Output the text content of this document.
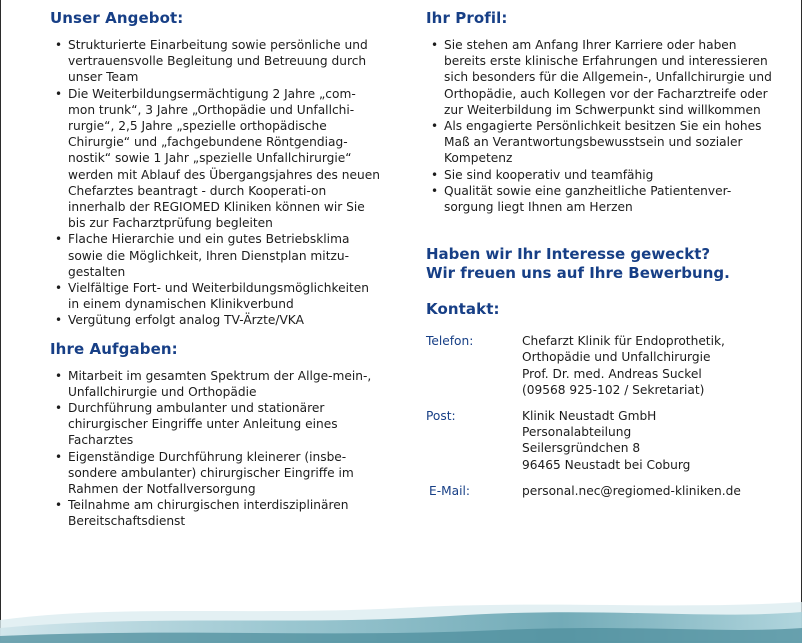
Unser Angebot:
• Strukturierte Einarbeitung sowie persönliche und vertrauensvolle Begleitung und Betreuung durch unser Team
• Die Weiterbildungsermächtigung 2 Jahre „com-mon trunk“, 3 Jahre „Orthopädie und Unfallchi-rurgie“, 2,5 Jahre „spezielle orthopädische Chirurgie“ und „fachgebundene Röntgendiag-nostik“ sowie 1 Jahr „spezielle Unfallchirurgie“ werden mit Ablauf des Übergangsjahres des neuen Chefarztes beantragt - durch Kooperati-on innerhalb der REGIOMED Kliniken können wir Sie bis zur Facharztprüfung begleiten
• Flache Hierarchie und ein gutes Betriebsklima sowie die Möglichkeit, Ihren Dienstplan mitzu-gestalten
• Vielfältige Fort- und Weiterbildungsmöglichkeiten in einem dynamischen Klinikverbund
• Vergütung erfolgt analog TV-Ärzte/VKA
Ihre Aufgaben:
• Mitarbeit im gesamten Spektrum der Allge-mein-, Unfallchirurgie und Orthopädie
• Durchführung ambulanter und stationärer chirurgischer Eingriffe unter Anleitung eines Facharztes
• Eigenständige Durchführung kleinerer (insbe-sondere ambulanter) chirurgischer Eingriffe im Rahmen der Notfallversorgung
• Teilnahme am chirurgischen interdisziplinären Bereitschaftsdienst
Ihr Profil:
• Sie stehen am Anfang Ihrer Karriere oder haben bereits erste klinische Erfahrungen und interessieren sich besonders für die Allgemein-, Unfallchirurgie und Orthopädie, auch Kollegen vor der Facharztreife oder zur Weiterbildung im Schwerpunkt sind willkommen
• Als engagierte Persönlichkeit besitzen Sie ein hohes Maß an Verantwortungsbewusstsein und sozialer Kompetenz
• Sie sind kooperativ und teamfähig
• Qualität sowie eine ganzheitliche Patientenver-sorgung liegt Ihnen am Herzen
Haben wir Ihr Interesse geweckt?
Wir freuen uns auf Ihre Bewerbung.
Kontakt:
Telefon:	Chefarzt Klinik für Endoprothetik,
Orthopädie und Unfallchirurgie
Prof. Dr. med. Andreas Suckel
(09568 925-102 / Sekretariat)
Post:	Klinik Neustadt GmbH
Personalabteilung
Seilersgründchen 8
96465 Neustadt bei Coburg
E-Mail:	personal.nec@regiomed-kliniken.de
